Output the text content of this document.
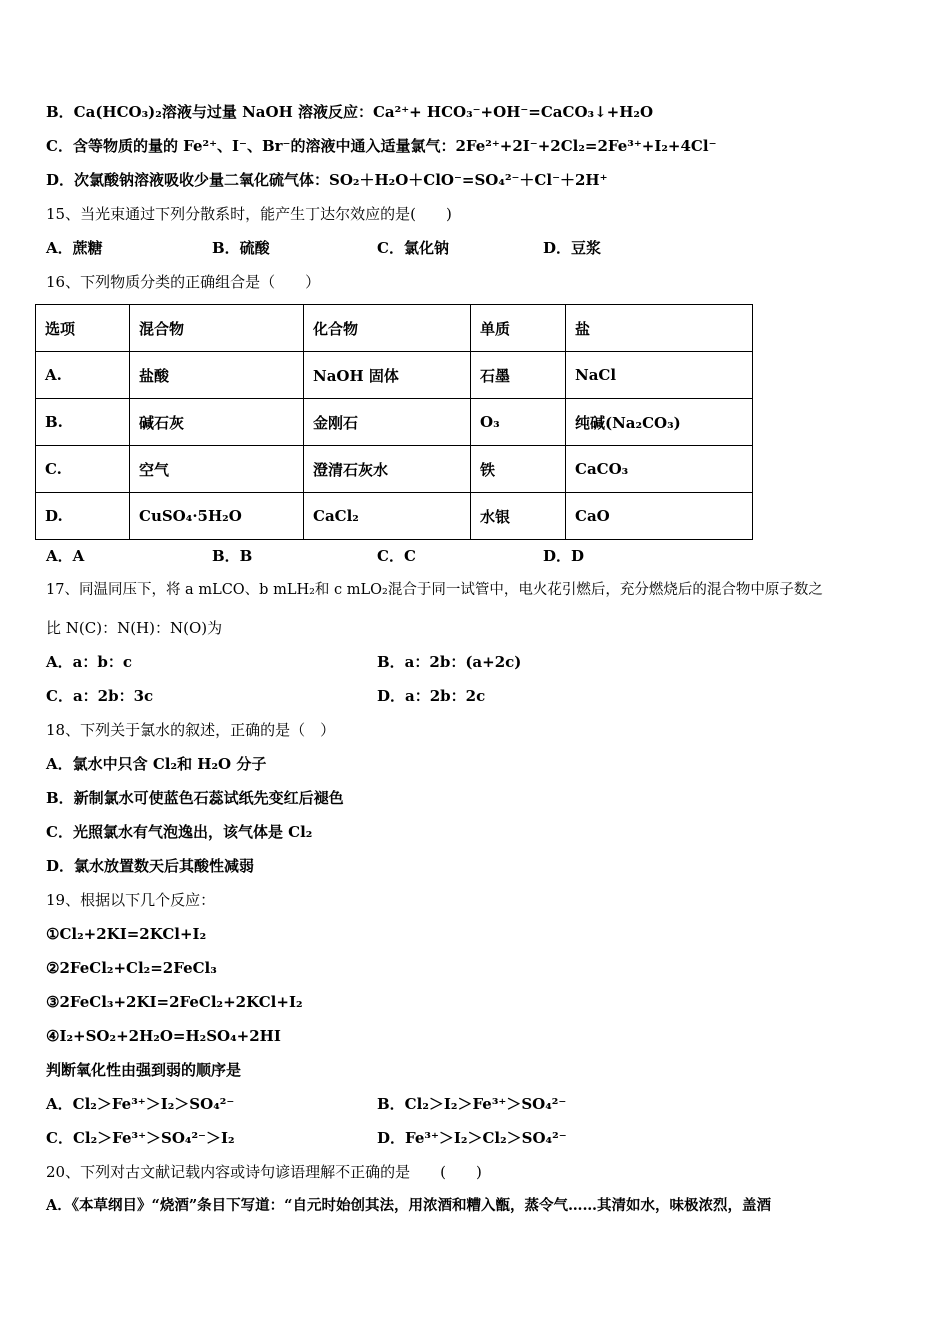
B．Ca(HCO₃)₂溶液与过量 NaOH 溶液反应：Ca²⁺+ HCO₃⁻+OH⁻=CaCO₃↓+H₂O
C．含等物质的量的 Fe²⁺、I⁻、Br⁻的溶液中通入适量氯气：2Fe²⁺+2I⁻+2Cl₂=2Fe³⁺+I₂+4Cl⁻
D．次氯酸钠溶液吸收少量二氧化硫气体：SO₂＋H₂O＋ClO⁻=SO₄²⁻＋Cl⁻＋2H⁺
15、当光束通过下列分散系时，能产生丁达尔效应的是(　　)
A．蔗糖	B．硫酸	C．氯化钠	D．豆浆
16、下列物质分类的正确组合是（　　）
选项	混合物	化合物	单质	盐
A.	盐酸	NaOH 固体	石墨	NaCl
B.	碱石灰	金刚石	O₃	纯碱(Na₂CO₃)
C.	空气	澄清石灰水	铁	CaCO₃
D.	CuSO₄·5H₂O	CaCl₂	水银	CaO
A．A	B．B	C．C	D．D
17、同温同压下，将 a mLCO、b mLH₂和 c mLO₂混合于同一试管中，电火花引燃后，充分燃烧后的混合物中原子数之
比 N(C)：N(H)：N(O)为
A．a：b：c	B．a：2b：(a+2c)
C．a：2b：3c	D．a：2b：2c
18、下列关于氯水的叙述，正确的是（　）
A．氯水中只含 Cl₂和 H₂O 分子
B．新制氯水可使蓝色石蕊试纸先变红后褪色
C．光照氯水有气泡逸出，该气体是 Cl₂
D．氯水放置数天后其酸性减弱
19、根据以下几个反应：
①Cl₂+2KI=2KCl+I₂
②2FeCl₂+Cl₂=2FeCl₃
③2FeCl₃+2KI=2FeCl₂+2KCl+I₂
④I₂+SO₂+2H₂O=H₂SO₄+2HI
判断氧化性由强到弱的顺序是
A．Cl₂＞Fe³⁺＞I₂＞SO₄²⁻	B．Cl₂＞I₂＞Fe³⁺＞SO₄²⁻
C．Cl₂＞Fe³⁺＞SO₄²⁻＞I₂	D．Fe³⁺＞I₂＞Cl₂＞SO₄²⁻
20、下列对古文献记载内容或诗句谚语理解不正确的是　　(　　)
A．《本草纲目》“烧酒”条目下写道：“自元时始创其法，用浓酒和糟入甑，蒸令气……其清如水，味极浓烈，盖酒
